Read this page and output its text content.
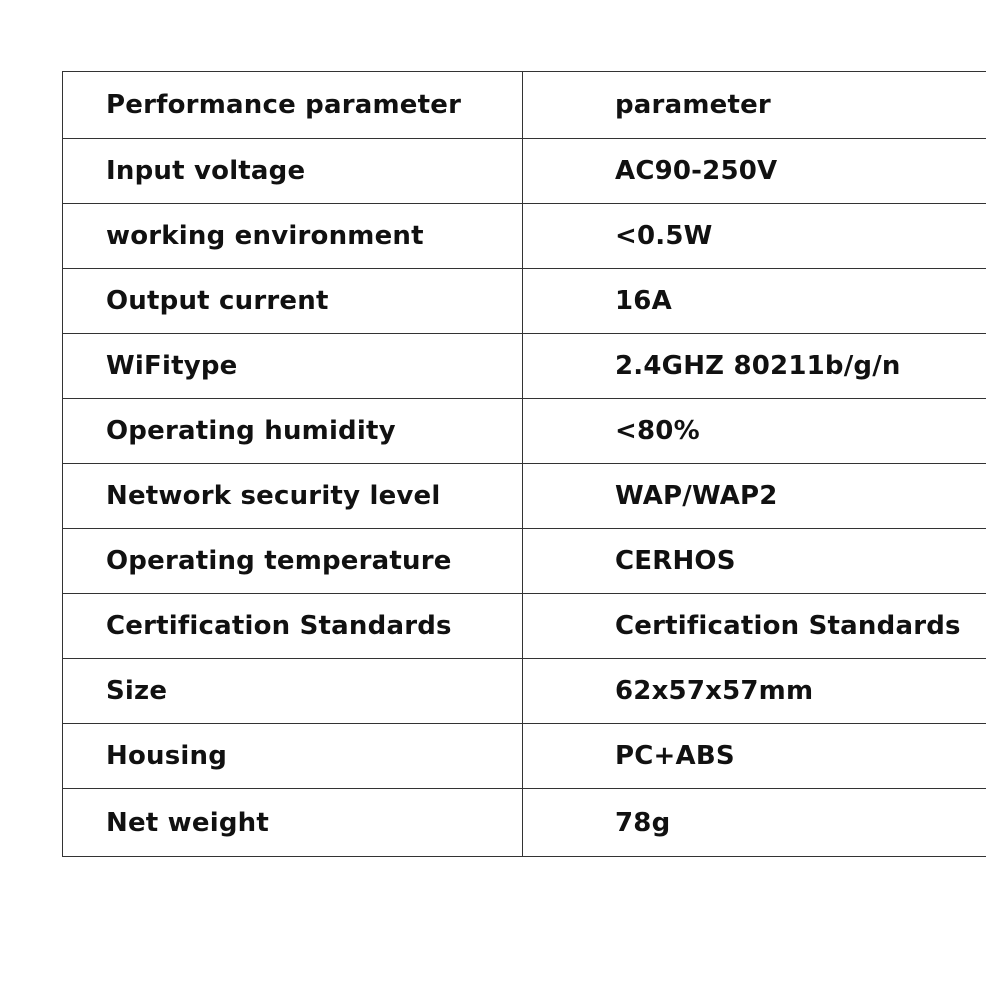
Performance parameter	parameter
Input voltage	AC90-250V
working environment	<0.5W
Output current	16A
WiFitype	2.4GHZ 80211b/g/n
Operating humidity	<80%
Network security level	WAP/WAP2
Operating temperature	CERHOS
Certification Standards	Certification Standards
Size	62x57x57mm
Housing	PC+ABS
Net weight	78g
